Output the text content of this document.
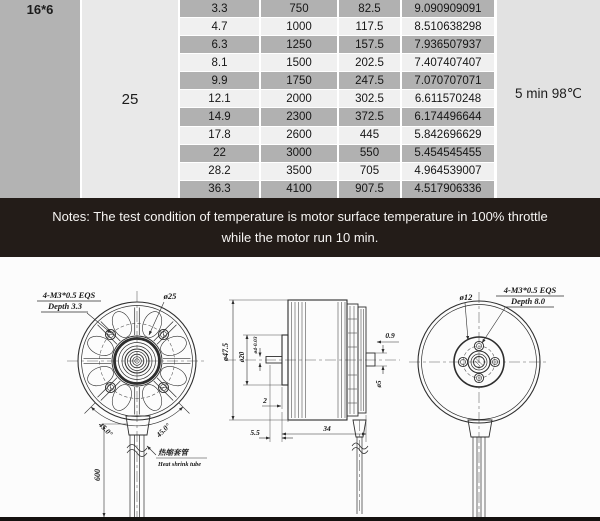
16*6
25
3.3	750	82.5	9.090909091
4.7	1000	117.5	8.510638298
6.3	1250	157.5	7.936507937
8.1	1500	202.5	7.407407407
9.9	1750	247.5	7.070707071
12.1	2000	302.5	6.611570248
14.9	2300	372.5	6.174496644
17.8	2600	445	5.842696629
22	3000	550	5.454545455
28.2	3500	705	4.964539007
36.3	4100	907.5	4.517906336
5 min 98℃
Notes: The test condition of temperature is motor surface temperature in 100% throttle
while the motor run 10 min.
45.0°	45.0°
600
热缩套管
Heat shrink tube
4-M3*0.5 EQS
Depth 3.3
ø25
ø47.5 ø20
ø4-0.03
0.9
ø5
2
5.5	34
ø12
4-M3*0.5 EQS
Depth 8.0
